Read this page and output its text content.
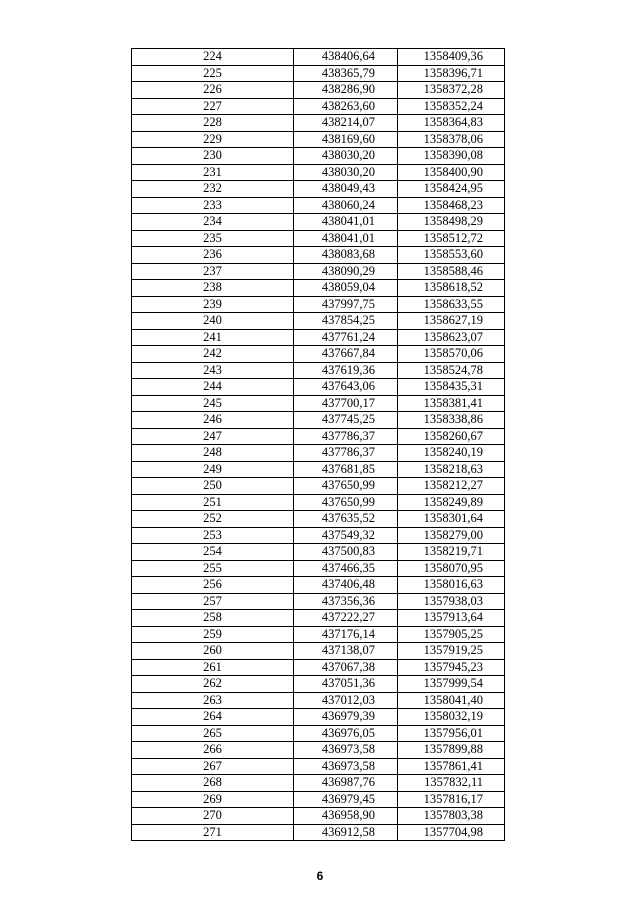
224	438406,64	1358409,36
225	438365,79	1358396,71
226	438286,90	1358372,28
227	438263,60	1358352,24
228	438214,07	1358364,83
229	438169,60	1358378,06
230	438030,20	1358390,08
231	438030,20	1358400,90
232	438049,43	1358424,95
233	438060,24	1358468,23
234	438041,01	1358498,29
235	438041,01	1358512,72
236	438083,68	1358553,60
237	438090,29	1358588,46
238	438059,04	1358618,52
239	437997,75	1358633,55
240	437854,25	1358627,19
241	437761,24	1358623,07
242	437667,84	1358570,06
243	437619,36	1358524,78
244	437643,06	1358435,31
245	437700,17	1358381,41
246	437745,25	1358338,86
247	437786,37	1358260,67
248	437786,37	1358240,19
249	437681,85	1358218,63
250	437650,99	1358212,27
251	437650,99	1358249,89
252	437635,52	1358301,64
253	437549,32	1358279,00
254	437500,83	1358219,71
255	437466,35	1358070,95
256	437406,48	1358016,63
257	437356,36	1357938,03
258	437222,27	1357913,64
259	437176,14	1357905,25
260	437138,07	1357919,25
261	437067,38	1357945,23
262	437051,36	1357999,54
263	437012,03	1358041,40
264	436979,39	1358032,19
265	436976,05	1357956,01
266	436973,58	1357899,88
267	436973,58	1357861,41
268	436987,76	1357832,11
269	436979,45	1357816,17
270	436958,90	1357803,38
271	436912,58	1357704,98
6
